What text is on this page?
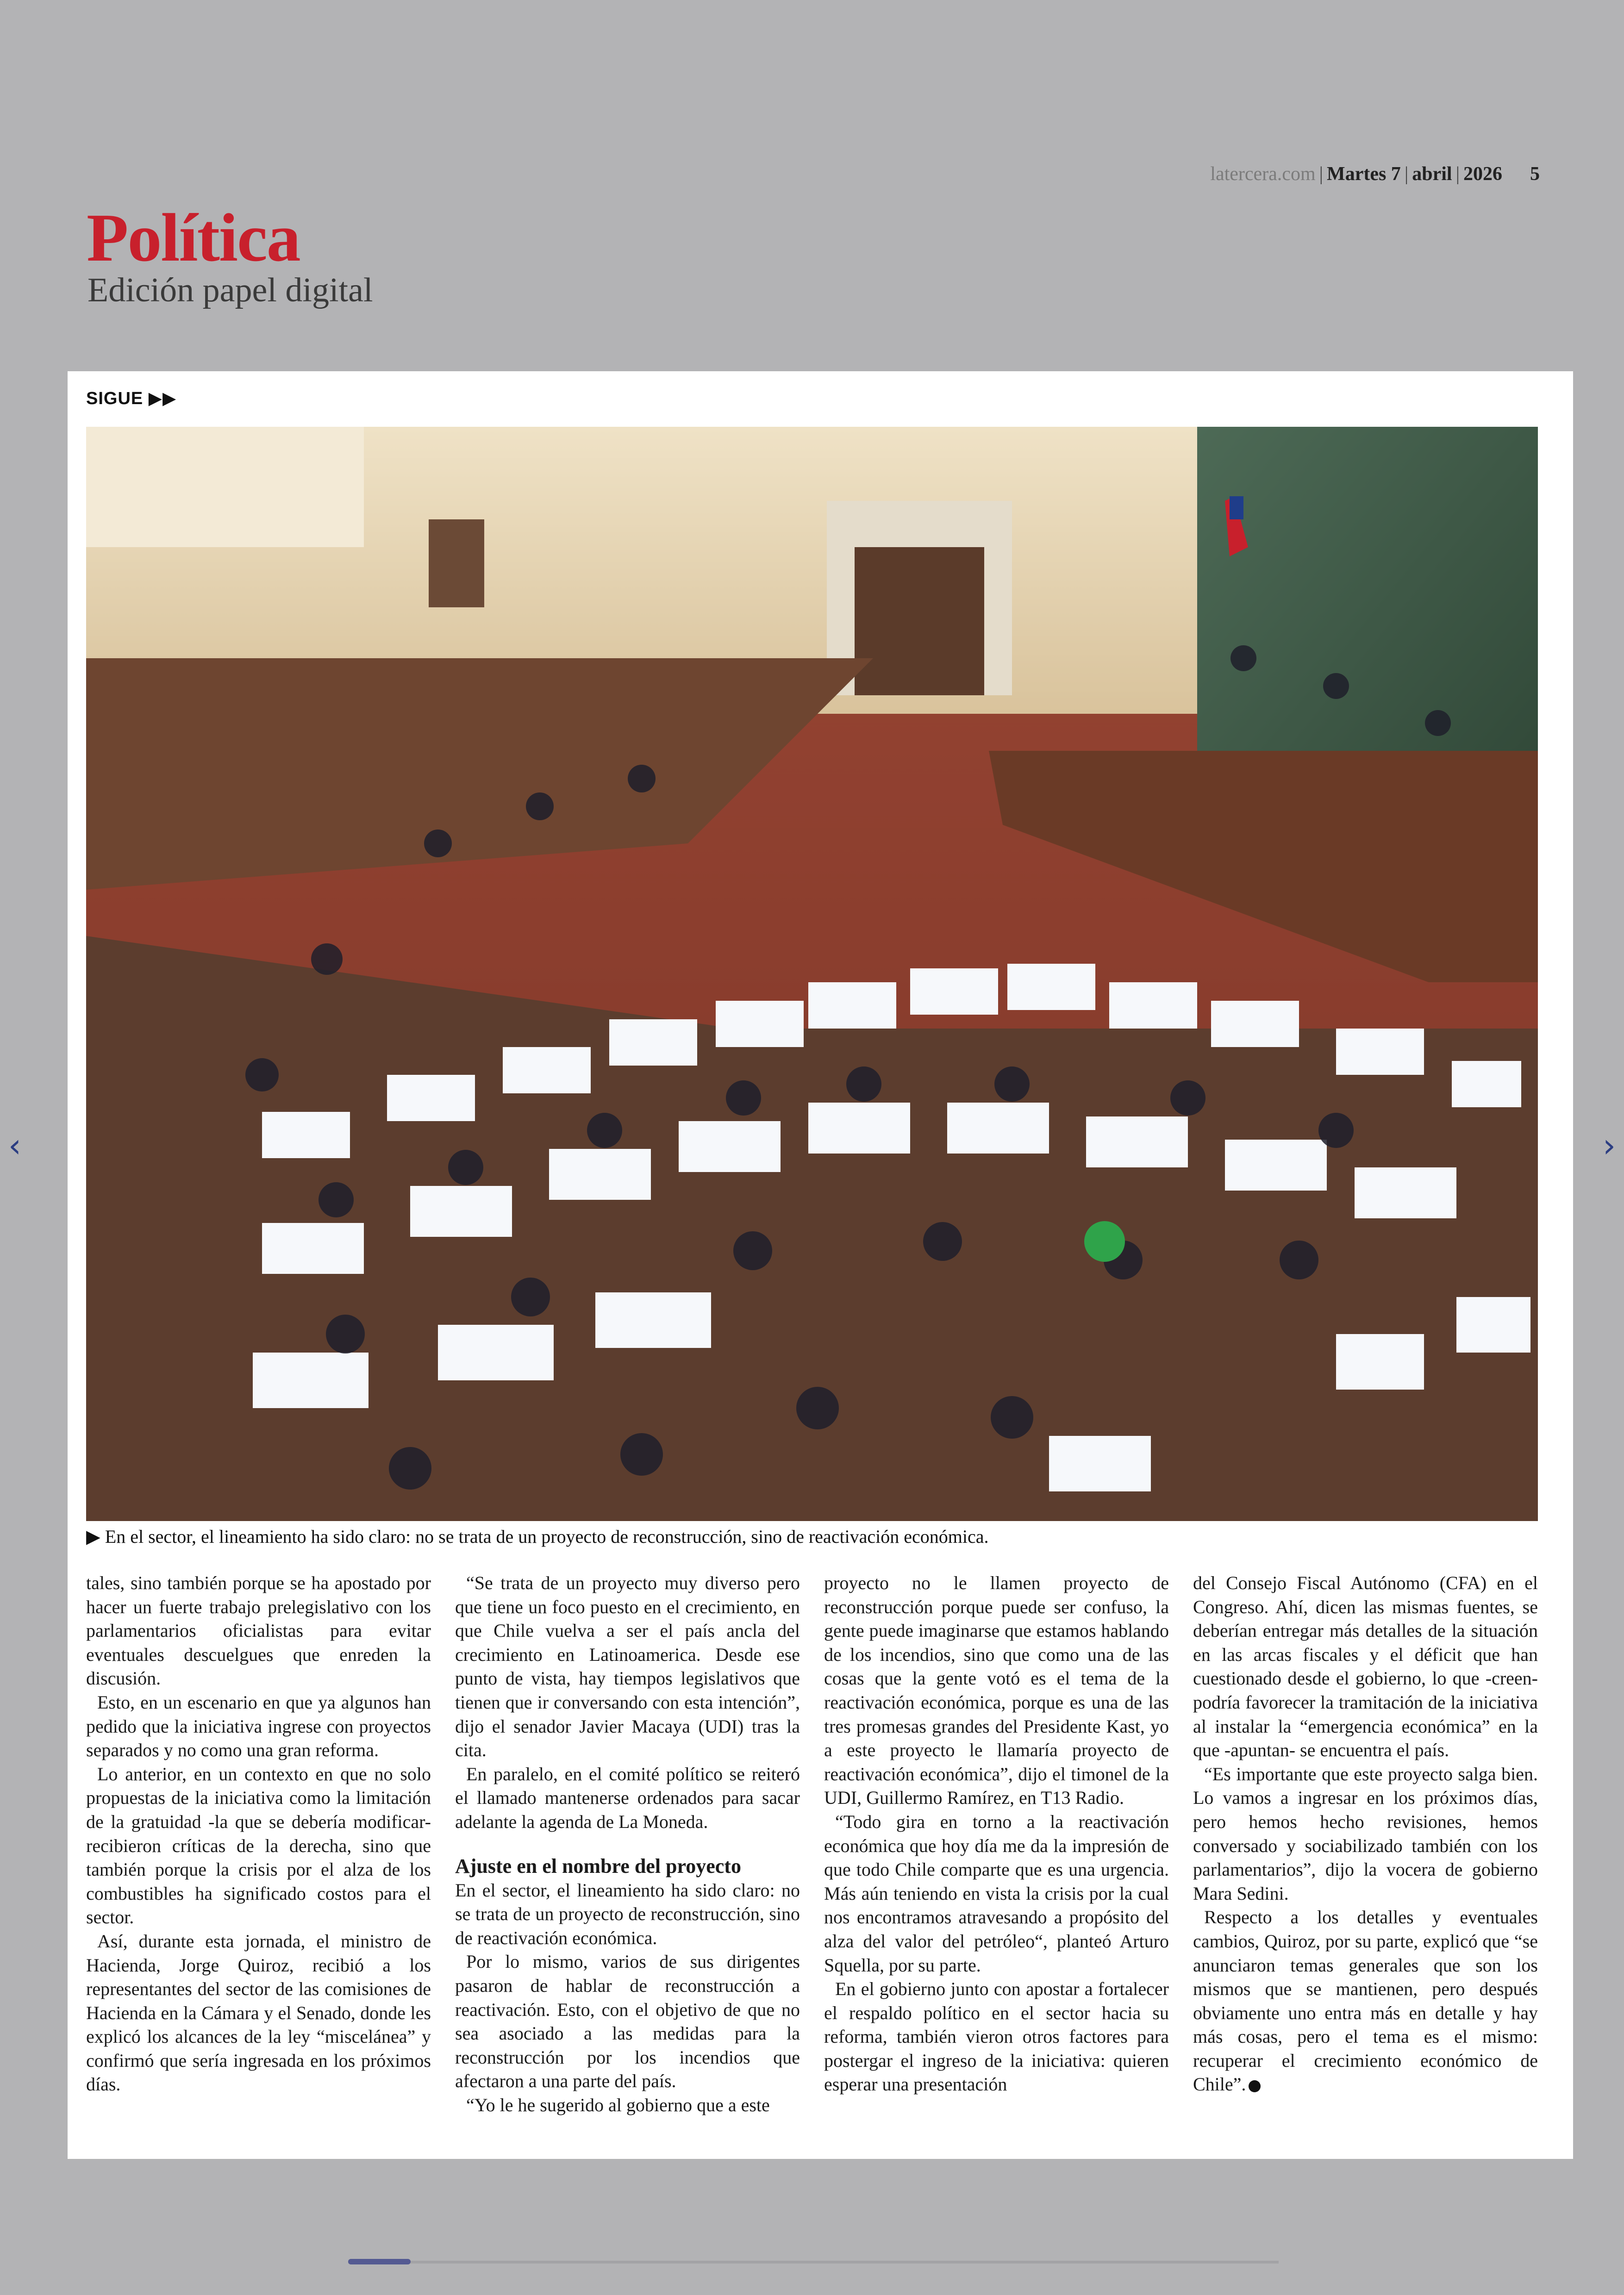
latercera.com | Martes 7 | abril | 2026 5
Política
Edición papel digital
SIGUE ▶▶
▶ En el sector, el lineamiento ha sido claro: no se trata de un proyecto de reconstrucción, sino de reactivación económica.

tales, sino también porque se ha apostado por hacer un fuerte trabajo prelegislativo con los parlamentarios oficialistas para evitar eventuales descuelgues que enreden la discusión.

Esto, en un escenario en que ya algunos han pedido que la iniciativa ingrese con proyectos separados y no como una gran reforma.

Lo anterior, en un contexto en que no solo propuestas de la iniciativa como la limitación de la gratuidad -la que se debería modificar- recibieron críticas de la derecha, sino que también porque la crisis por el alza de los combustibles ha significado costos para el sector.

Así, durante esta jornada, el ministro de Hacienda, Jorge Quiroz, recibió a los representantes del sector de las comisiones de Hacienda en la Cámara y el Senado, donde les explicó los alcances de la ley “miscelánea” y confirmó que sería ingresada en los próximos días.

“Se trata de un proyecto muy diverso pero que tiene un foco puesto en el crecimiento, en que Chile vuelva a ser el país ancla del crecimiento en Latinoamerica. Desde ese punto de vista, hay tiempos legislativos que tienen que ir conversando con esta intención”, dijo el senador Javier Macaya (UDI) tras la cita.

En paralelo, en el comité político se reiteró el llamado mantenerse ordenados para sacar adelante la agenda de La Moneda.

Ajuste en el nombre del proyecto

En el sector, el lineamiento ha sido claro: no se trata de un proyecto de reconstrucción, sino de reactivación económica.

Por lo mismo, varios de sus dirigentes pasaron de hablar de reconstrucción a reactivación. Esto, con el objetivo de que no sea asociado a las medidas para la reconstrucción por los incendios que afectaron a una parte del país.

“Yo le he sugerido al gobierno que a este

proyecto no le llamen proyecto de reconstrucción porque puede ser confuso, la gente puede imaginarse que estamos hablando de los incendios, sino que como una de las cosas que la gente votó es el tema de la reactivación económica, porque es una de las tres promesas grandes del Presidente Kast, yo a este proyecto le llamaría proyecto de reactivación económica”, dijo el timonel de la UDI, Guillermo Ramírez, en T13 Radio.

“Todo gira en torno a la reactivación económica que hoy día me da la impresión de que todo Chile comparte que es una urgencia. Más aún teniendo en vista la crisis por la cual nos encontramos atravesando a propósito del alza del valor del petróleo“, planteó Arturo Squella, por su parte.

En el gobierno junto con apostar a fortalecer el respaldo político en el sector hacia su reforma, también vieron otros factores para postergar el ingreso de la iniciativa: quieren esperar una presentación

del Consejo Fiscal Autónomo (CFA) en el Congreso. Ahí, dicen las mismas fuentes, se deberían entregar más detalles de la situación en las arcas fiscales y el déficit que han cuestionado desde el gobierno, lo que -creen- podría favorecer la tramitación de la iniciativa al instalar la “emergencia económica” en la que -apuntan- se encuentra el país.

“Es importante que este proyecto salga bien. Lo vamos a ingresar en los próximos días, pero hemos hecho revisiones, hemos conversado y sociabilizado también con los parlamentarios”, dijo la vocera de gobierno Mara Sedini.

Respecto a los detalles y eventuales cambios, Quiroz, por su parte, explicó que “se anunciaron temas generales que son los mismos que se mantienen, pero después obviamente uno entra más en detalle y hay más cosas, pero el tema es el mismo: recuperar el crecimiento económico de Chile”.

‹	›
